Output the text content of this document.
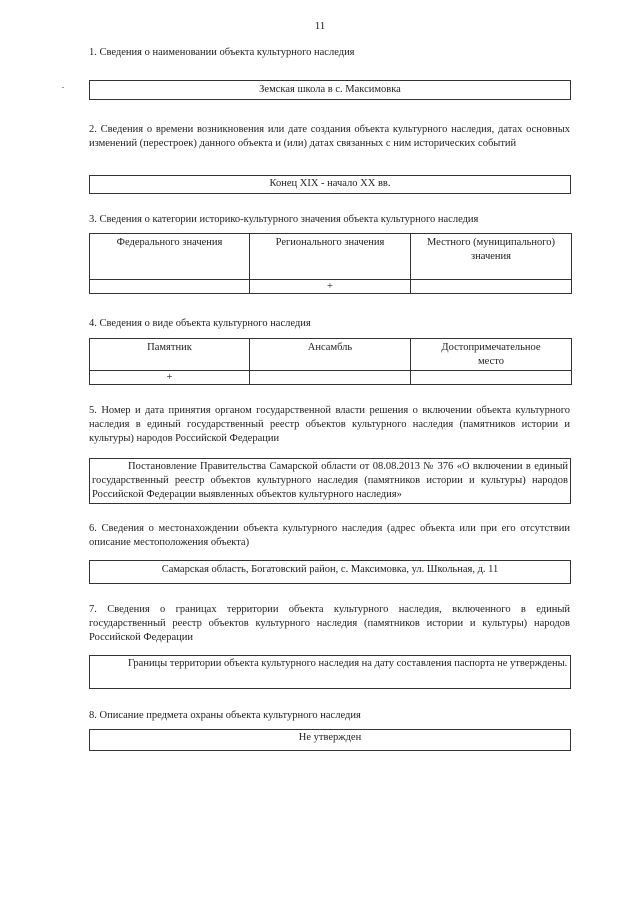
11
1. Сведения о наименовании объекта культурного наследия
Земская школа в с. Максимовка
2. Сведения о времени возникновения или дате создания объекта культурного наследия, датах основных изменений (перестроек) данного объекта и (или) датах связанных с ним исторических событий
Конец XIX - начало XX вв.
3. Сведения о категории историко-культурного значения объекта культурного наследия
Федерального значения	Регионального значения	Местного (муниципального) значения
	+	
4. Сведения о виде объекта культурного наследия
Памятник	Ансамбль	Достопримечательное место
+		
5. Номер и дата принятия органом государственной власти решения о включении объекта культурного наследия в единый государственный реестр объектов культурного наследия (памятников истории и культуры) народов Российской Федерации
Постановление Правительства Самарской области от 08.08.2013 № 376 «О включении в единый государственный реестр объектов культурного наследия (памятников истории и культуры) народов Российской Федерации выявленных объектов культурного наследия»
6. Сведения о местонахождении объекта культурного наследия (адрес объекта или при его отсутствии описание местоположения объекта)
Самарская область, Богатовский район, с. Максимовка, ул. Школьная, д. 11
7. Сведения о границах территории объекта культурного наследия, включенного в единый государственный реестр объектов культурного наследия (памятников истории и культуры) народов Российской Федерации
Границы территории объекта культурного наследия на дату составления паспорта не утверждены.
8. Описание предмета охраны объекта культурного наследия
Не утвержден
